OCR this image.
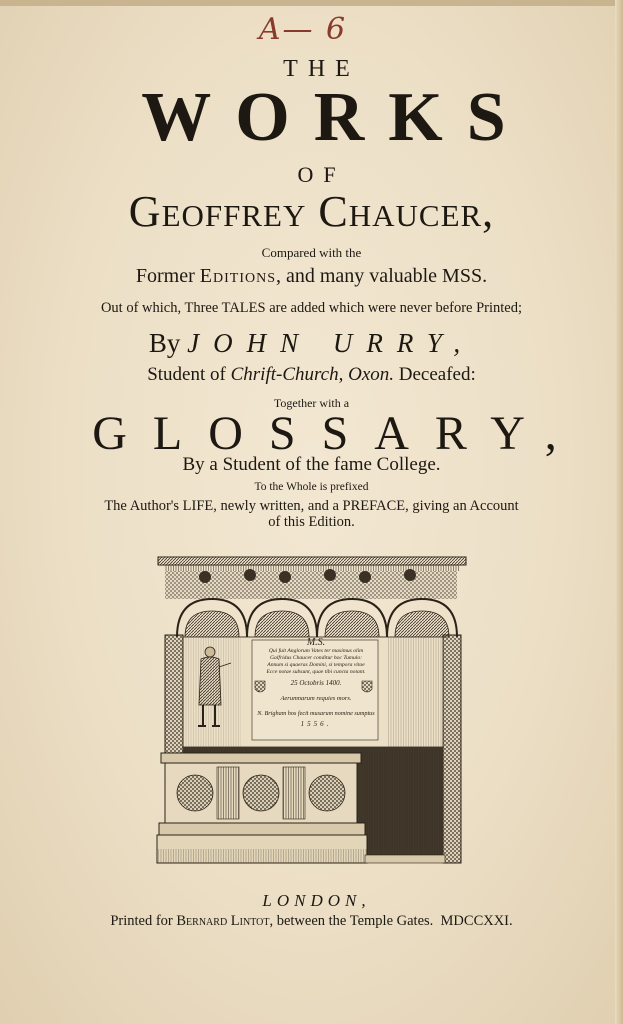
A— 6
THE
WORKS
OF
Geoffrey Chaucer,
Compared with the
Former Editions, and many valuable MSS.
Out of which, Three TALES are added which were never before Printed;
By JOHN URRY,
Student of Chrift-Church, Oxon. Deceafed:
Together with a
GLOSSARY,
By a Student of the fame College.
To the Whole is prefixed
The Author's LIFE, newly written, and a PREFACE, giving an Account
of this Edition.
M.S.
Qui fuit Anglorum Vates ter maximus olim
Galfridus Chaucer conditur hoc Tumulo:
Annum si quaeras Domini, si tempora vitae
Ecce notae subsunt, quae tibi cuncta notant.
25 Octobris 1400.
Aerumnarum requies mors.
N. Brigham hos fecit musarum nomine sumptus
1556.
LONDON,
Printed for Bernard Lintot, between the Temple Gates. MDCCXXI.
